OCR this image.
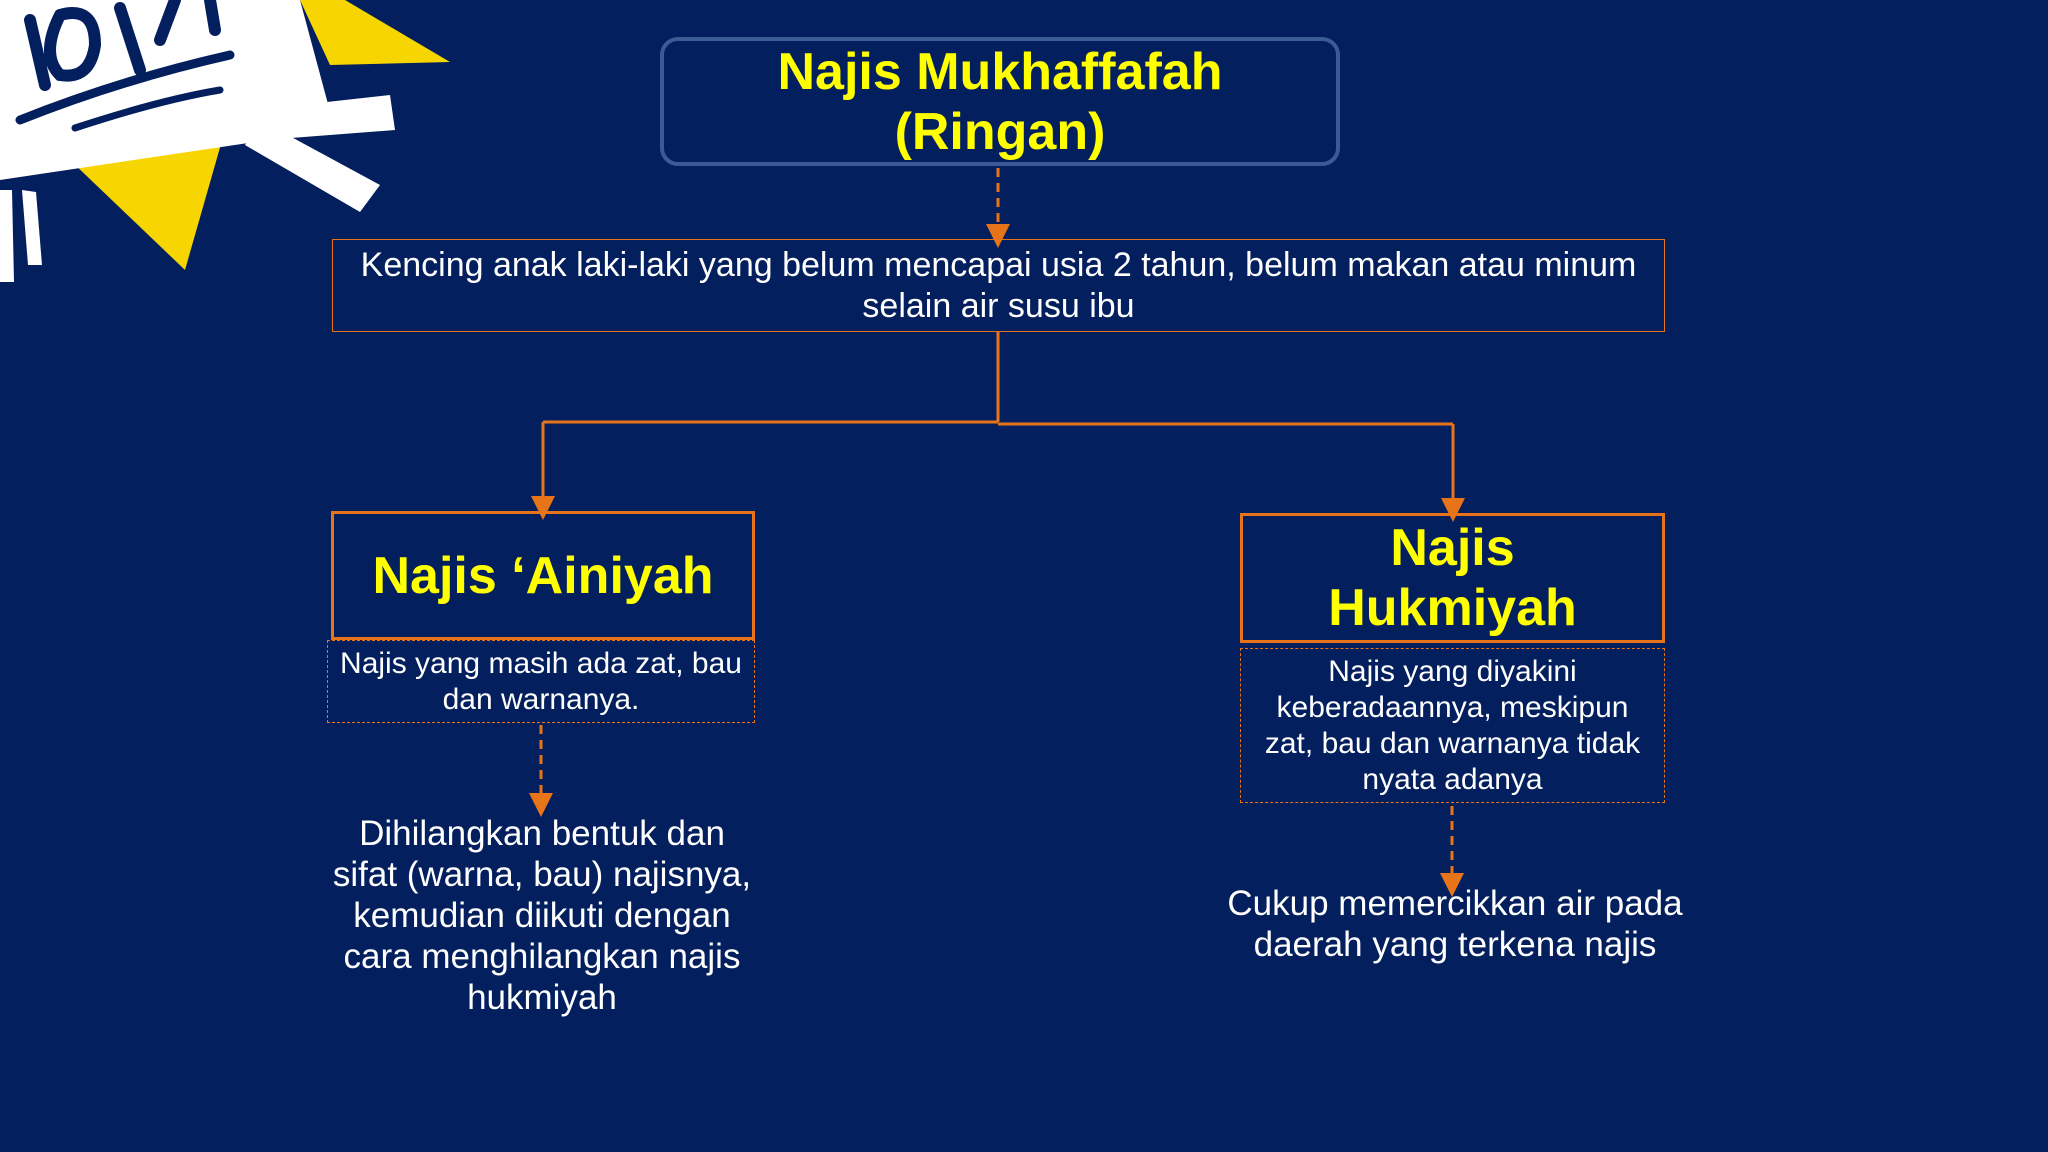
Najis Mukhaffafah
(Ringan)
Kencing anak laki-laki yang belum mencapai usia 2 tahun, belum makan atau minum selain air susu ibu
Najis ‘Ainiyah
Najis yang masih ada zat, bau dan warnanya.
Dihilangkan bentuk dan sifat (warna, bau) najisnya, kemudian diikuti dengan cara menghilangkan najis hukmiyah
Najis Hukmiyah
Najis yang diyakini keberadaannya, meskipun zat, bau dan warnanya tidak nyata adanya
Cukup memercikkan air pada daerah yang terkena najis
